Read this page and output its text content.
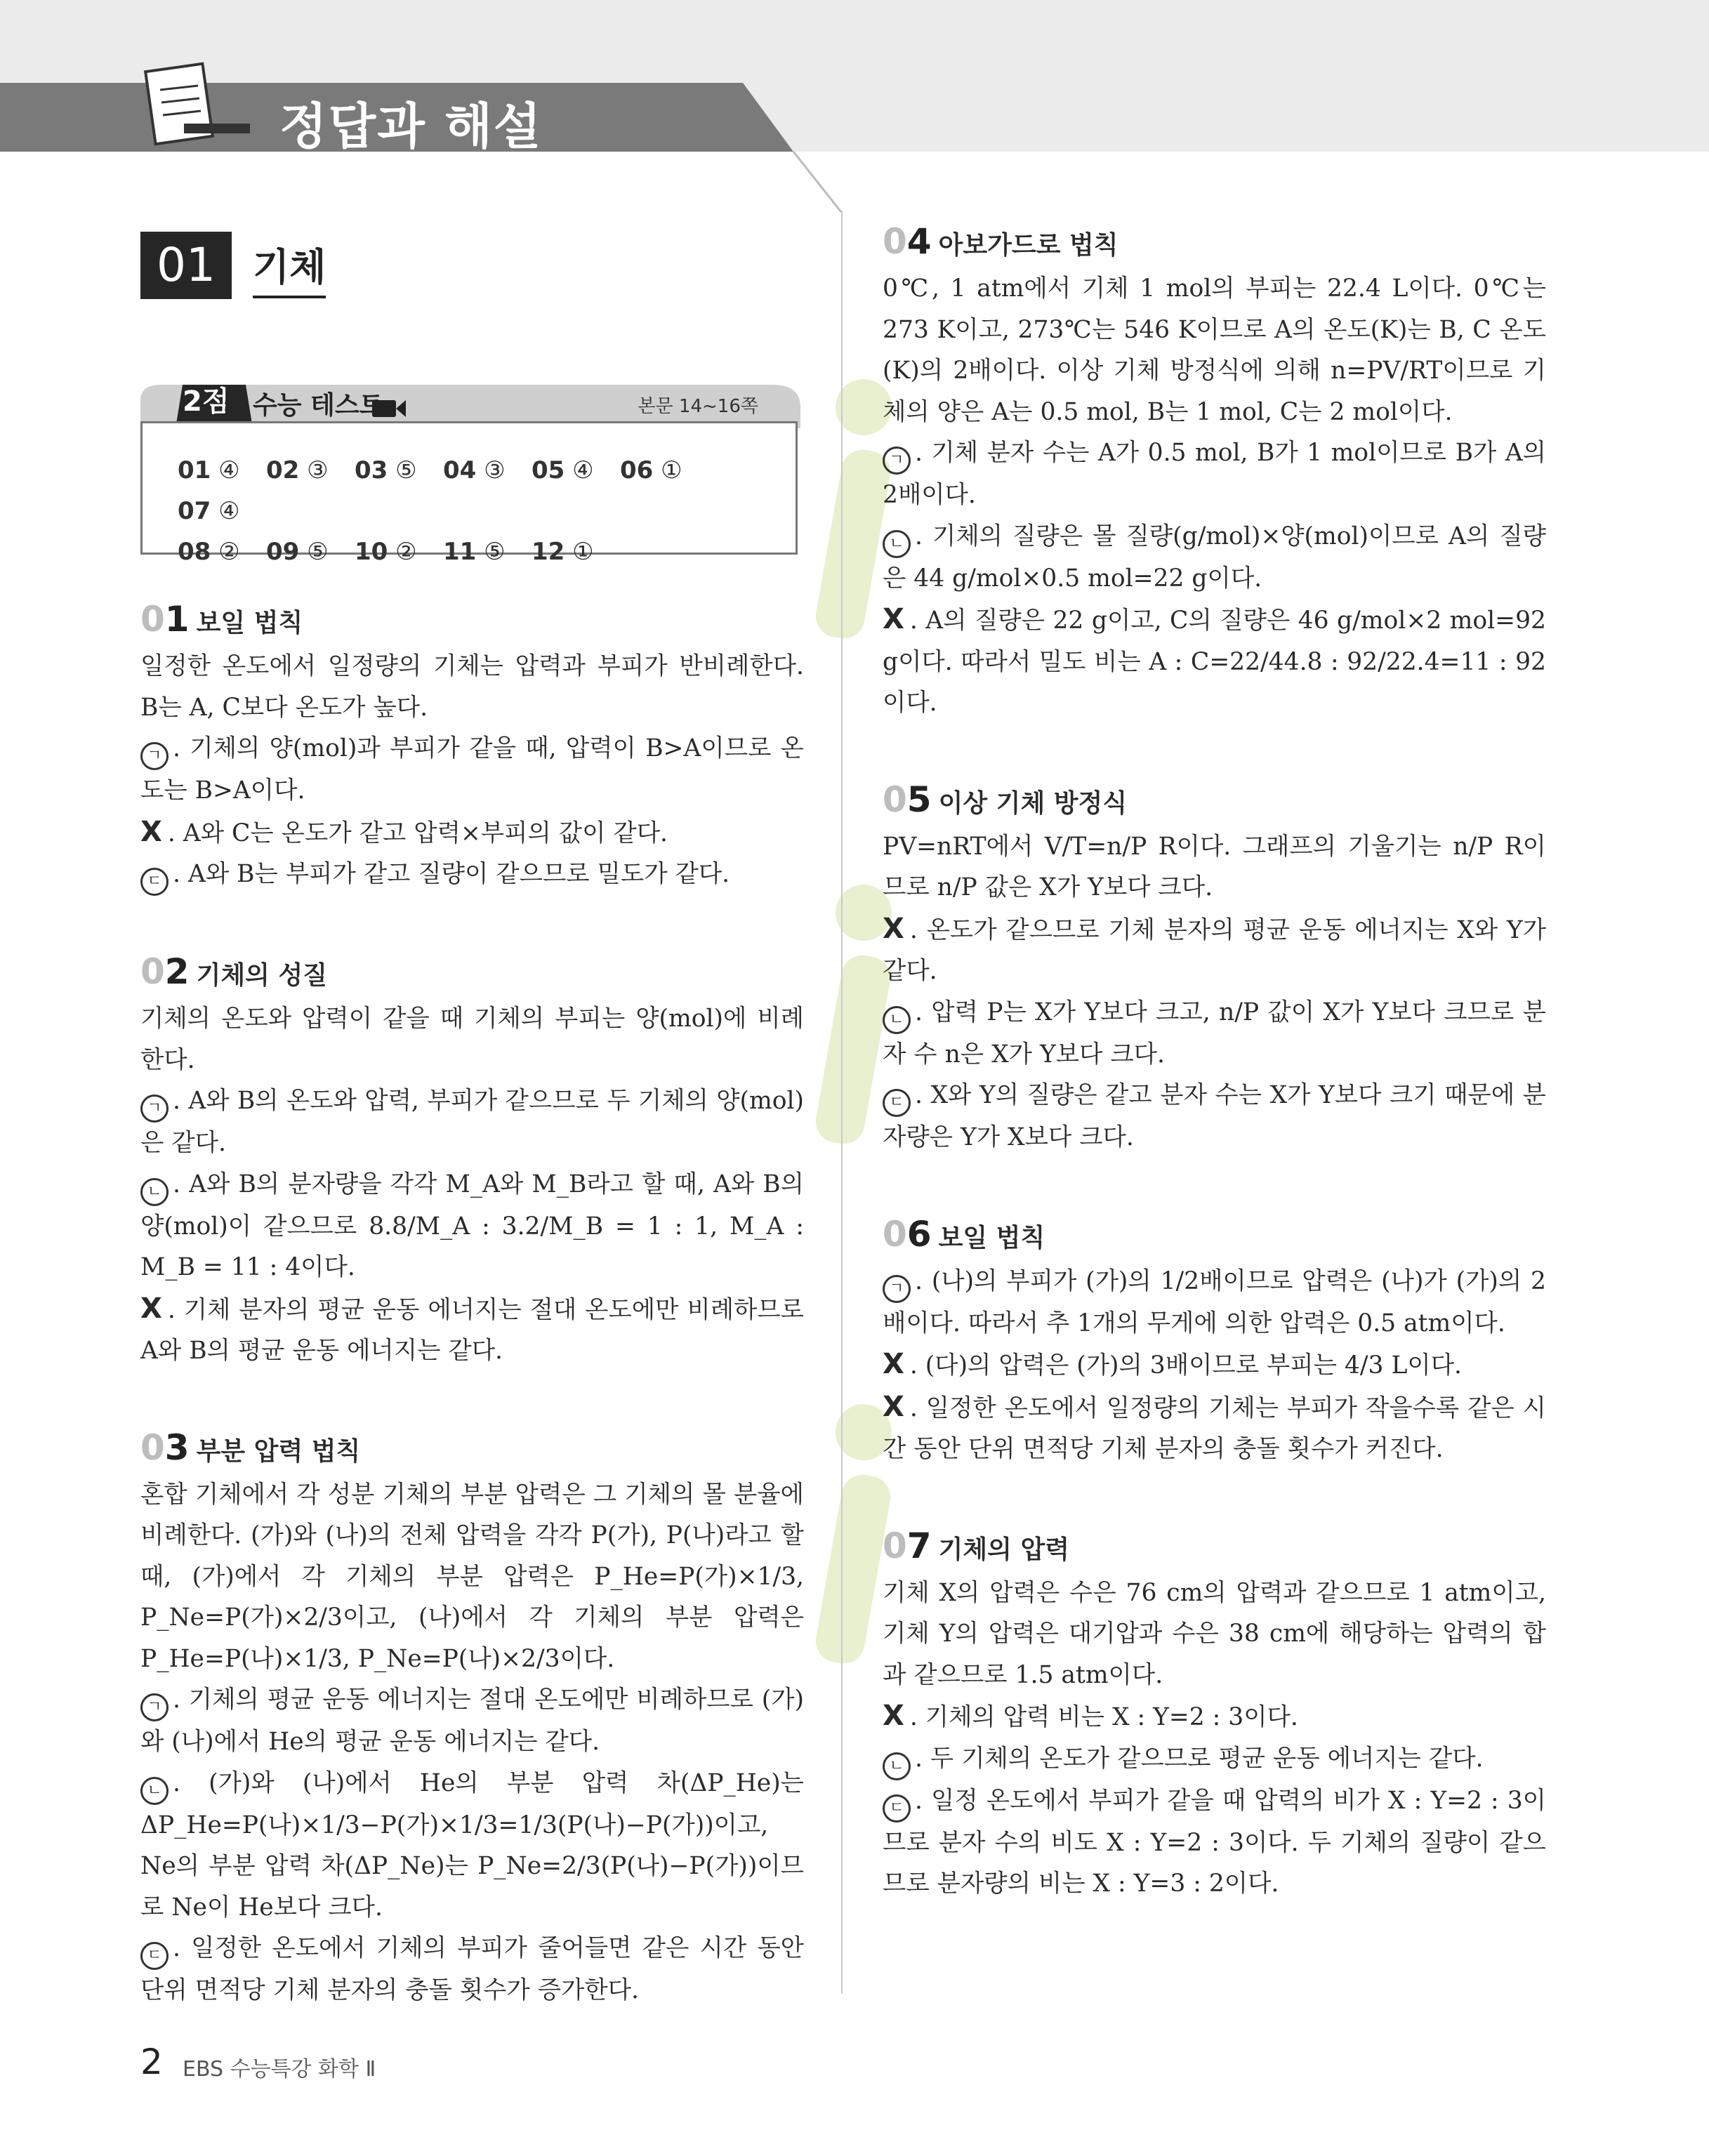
정답과 해설
01 기체
2점 수능 테스트	본문 14~16쪽
01 ④ 02 ③ 03 ⑤ 04 ③ 05 ④ 06 ①07 ④
08 ② 09 ⑤ 10 ② 11 ⑤ 12 ①
01 보일 법칙

일정한 온도에서 일정량의 기체는 압력과 부피가 반비례한다. B는 A, C보다 온도가 높다.

ㄱ . 기체의 양(mol)과 부피가 같을 때, 압력이 B>A이므로 온도는 B>A이다.

X . A와 C는 온도가 같고 압력×부피의 값이 같다.

ㄷ . A와 B는 부피가 같고 질량이 같으므로 밀도가 같다.

02 기체의 성질

기체의 온도와 압력이 같을 때 기체의 부피는 양(mol)에 비례한다.

ㄱ . A와 B의 온도와 압력, 부피가 같으므로 두 기체의 양(mol)은 같다.

ㄴ . A와 B의 분자량을 각각 M_A와 M_B라고 할 때, A와 B의 양(mol)이 같으므로 8.8/M_A : 3.2/M_B = 1 : 1, M_A : M_B = 11 : 4이다.

X . 기체 분자의 평균 운동 에너지는 절대 온도에만 비례하므로 A와 B의 평균 운동 에너지는 같다.

03 부분 압력 법칙

혼합 기체에서 각 성분 기체의 부분 압력은 그 기체의 몰 분율에 비례한다. (가)와 (나)의 전체 압력을 각각 P(가), P(나)라고 할 때, (가)에서 각 기체의 부분 압력은 P_He=P(가)×1/3, P_Ne=P(가)×2/3이고, (나)에서 각 기체의 부분 압력은 P_He=P(나)×1/3, P_Ne=P(나)×2/3이다.

ㄱ . 기체의 평균 운동 에너지는 절대 온도에만 비례하므로 (가)와 (나)에서 He의 평균 운동 에너지는 같다.

ㄴ . (가)와 (나)에서 He의 부분 압력 차(ΔP_He)는 ΔP_He=P(나)×1/3−P(가)×1/3=1/3(P(나)−P(가))이고, Ne의 부분 압력 차(ΔP_Ne)는 P_Ne=2/3(P(나)−P(가))이므로 Ne이 He보다 크다.

ㄷ . 일정한 온도에서 기체의 부피가 줄어들면 같은 시간 동안 단위 면적당 기체 분자의 충돌 횟수가 증가한다.

04 아보가드로 법칙

0℃, 1 atm에서 기체 1 mol의 부피는 22.4 L이다. 0℃는 273 K이고, 273℃는 546 K이므로 A의 온도(K)는 B, C 온도(K)의 2배이다. 이상 기체 방정식에 의해 n=PV/RT이므로 기체의 양은 A는 0.5 mol, B는 1 mol, C는 2 mol이다.

ㄱ . 기체 분자 수는 A가 0.5 mol, B가 1 mol이므로 B가 A의 2배이다.

ㄴ . 기체의 질량은 몰 질량(g/mol)×양(mol)이므로 A의 질량은 44 g/mol×0.5 mol=22 g이다.

X . A의 질량은 22 g이고, C의 질량은 46 g/mol×2 mol=92 g이다. 따라서 밀도 비는 A : C=22/44.8 : 92/22.4=11 : 92이다.

05 이상 기체 방정식

PV=nRT에서 V/T=n/P R이다. 그래프의 기울기는 n/P R이므로 n/P 값은 X가 Y보다 크다.

X . 온도가 같으므로 기체 분자의 평균 운동 에너지는 X와 Y가 같다.

ㄴ . 압력 P는 X가 Y보다 크고, n/P 값이 X가 Y보다 크므로 분자 수 n은 X가 Y보다 크다.

ㄷ . X와 Y의 질량은 같고 분자 수는 X가 Y보다 크기 때문에 분자량은 Y가 X보다 크다.

06 보일 법칙

ㄱ . (나)의 부피가 (가)의 1/2배이므로 압력은 (나)가 (가)의 2배이다. 따라서 추 1개의 무게에 의한 압력은 0.5 atm이다.

X . (다)의 압력은 (가)의 3배이므로 부피는 4/3 L이다.

X . 일정한 온도에서 일정량의 기체는 부피가 작을수록 같은 시간 동안 단위 면적당 기체 분자의 충돌 횟수가 커진다.

07 기체의 압력

기체 X의 압력은 수은 76 cm의 압력과 같으므로 1 atm이고, 기체 Y의 압력은 대기압과 수은 38 cm에 해당하는 압력의 합과 같으므로 1.5 atm이다.

X . 기체의 압력 비는 X : Y=2 : 3이다.

ㄴ . 두 기체의 온도가 같으므로 평균 운동 에너지는 같다.

ㄷ . 일정 온도에서 부피가 같을 때 압력의 비가 X : Y=2 : 3이므로 분자 수의 비도 X : Y=2 : 3이다. 두 기체의 질량이 같으므로 분자량의 비는 X : Y=3 : 2이다.

2 EBS 수능특강 화학 Ⅱ
